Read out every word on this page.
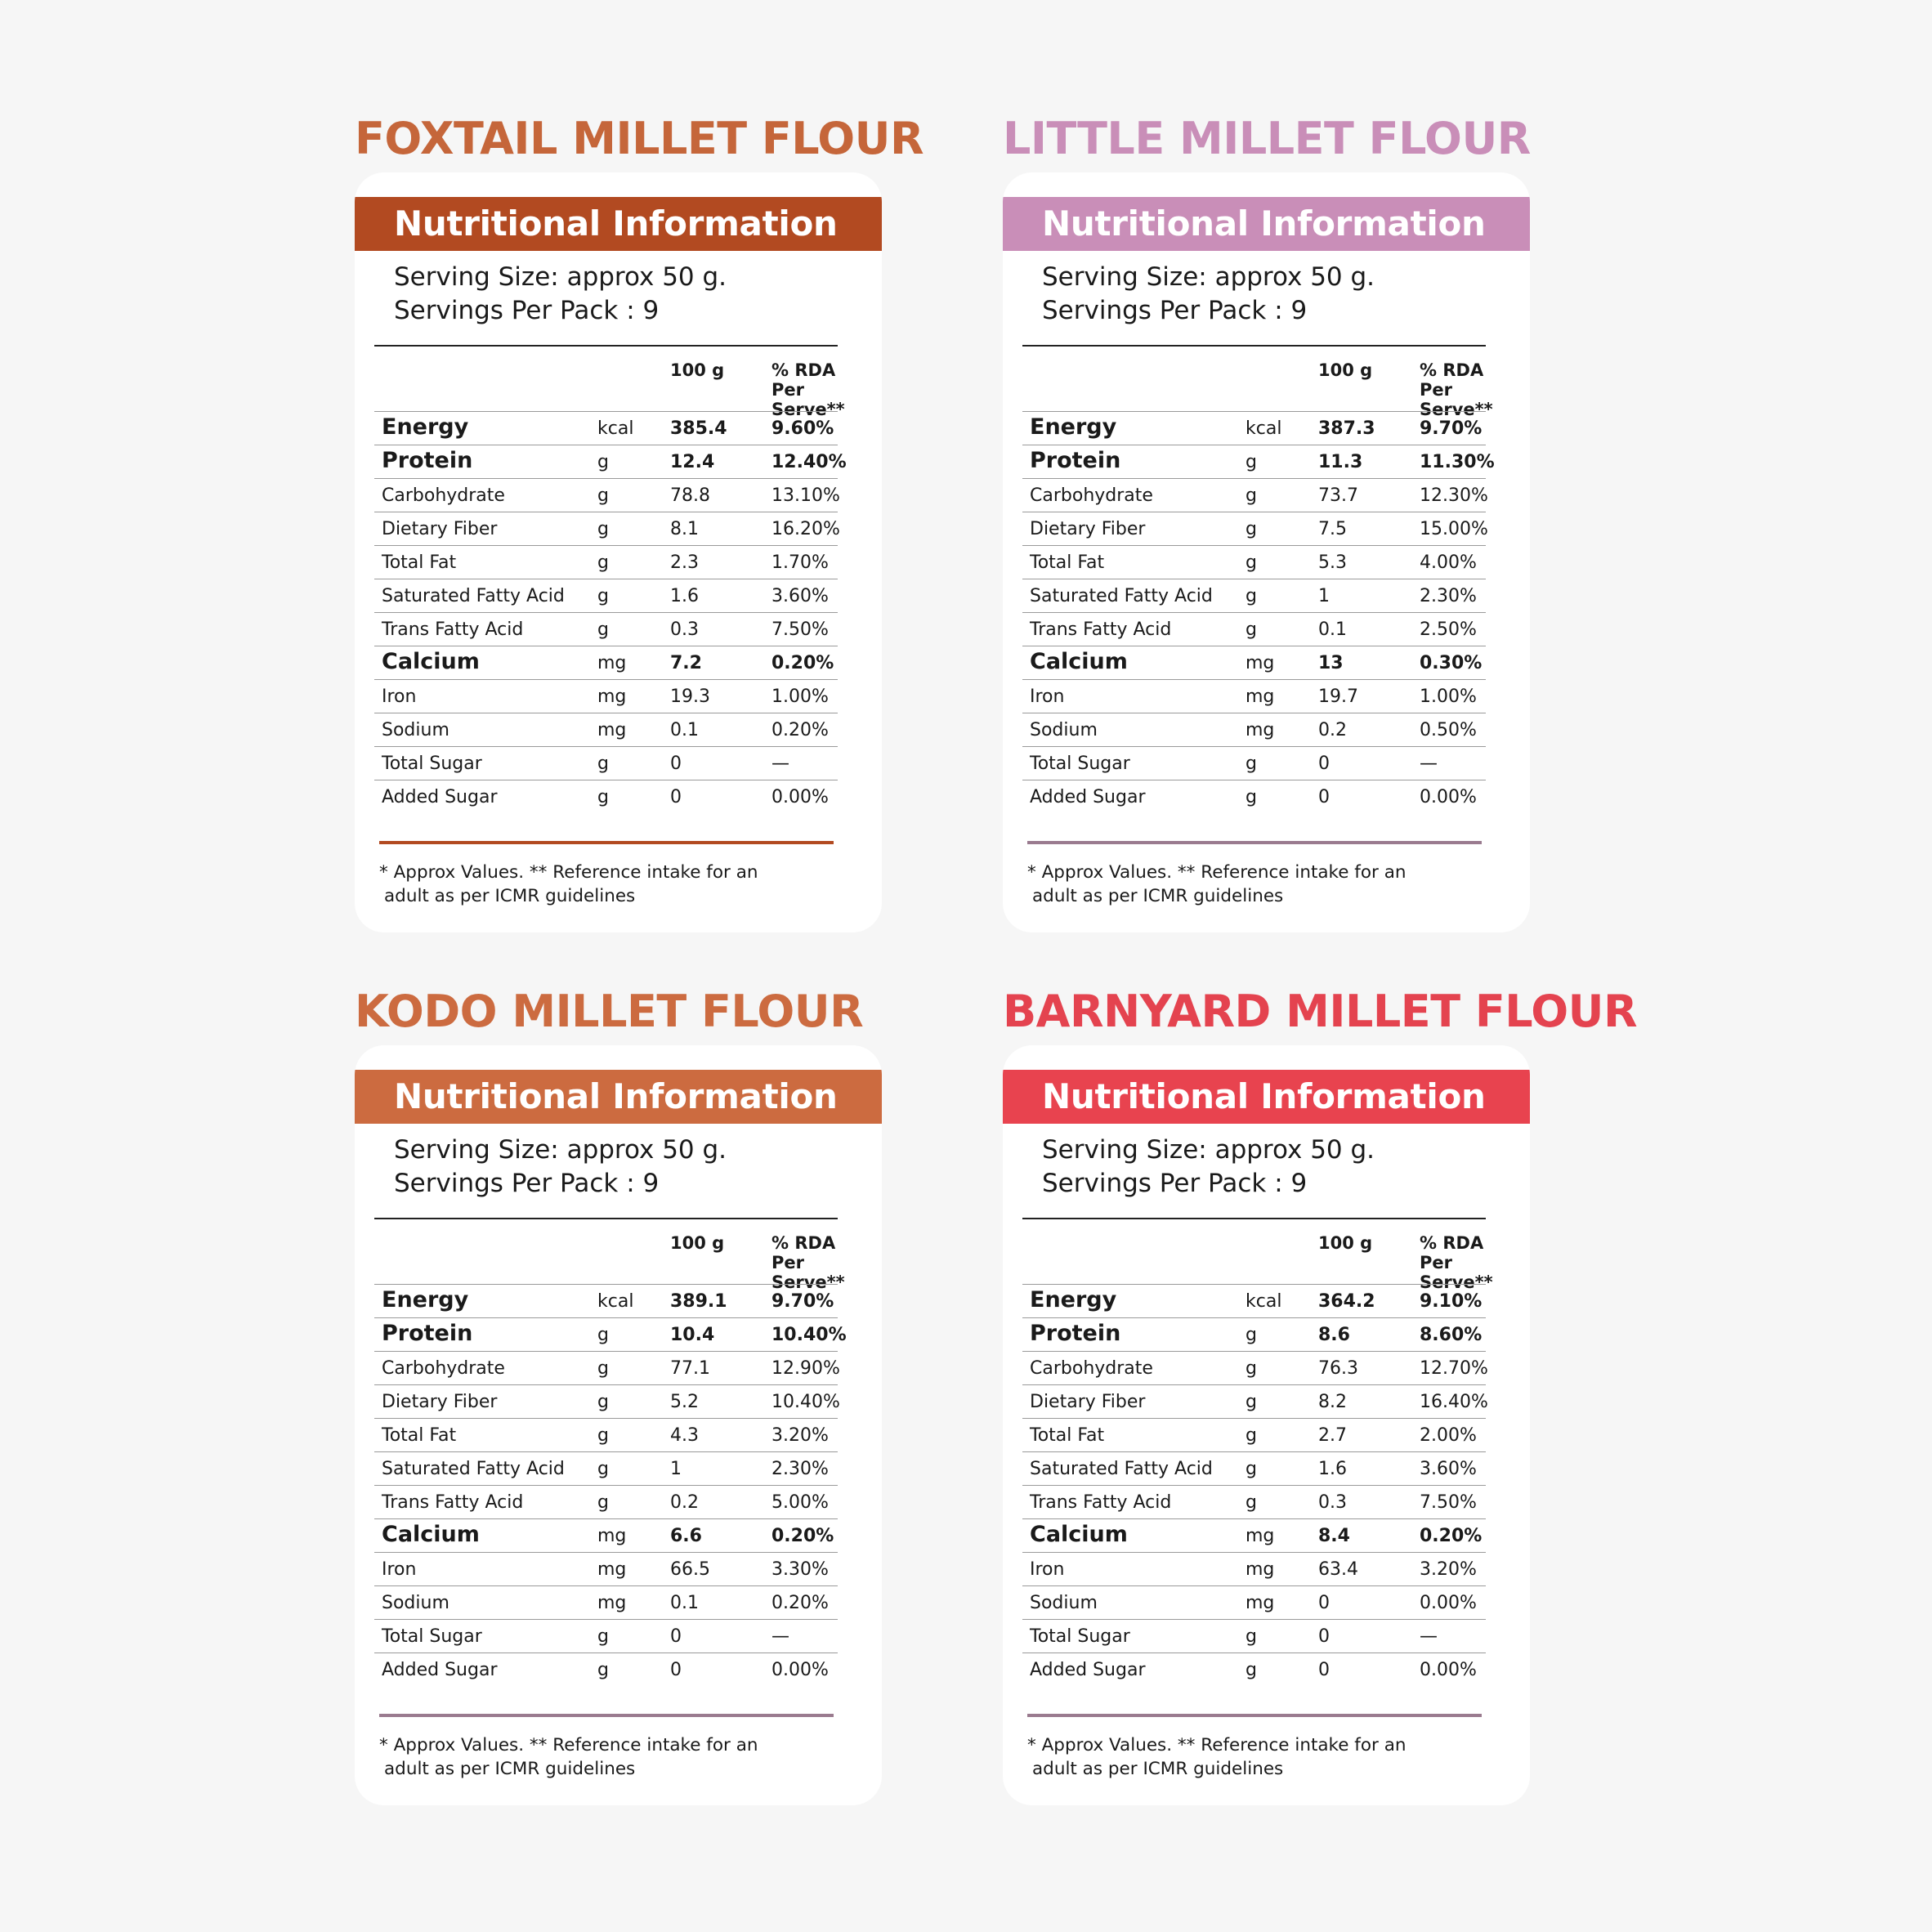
FOXTAIL MILLET FLOUR
Nutritional Information
Serving Size: approx 50 g.
Servings Per Pack : 9
100 g	% RDA Per Serve**
Energy	kcal 385.4 9.60%
Protein	g	12.4	12.40%
Carbohydrate	g	78.8	13.10%
Dietary Fiber	g	8.1	16.20%
Total Fat	g	2.3	1.70%
Saturated Fatty Acid g	1.6	3.60%
Trans Fatty Acid	g	0.3	7.50%
Calcium	mg 7.2	0.20%
Iron	mg 19.3	1.00%
Sodium	mg 0.1	0.20%
Total Sugar	g	0	—
Added Sugar	g	0	0.00%
* Approx Values. ** Reference intake for an
adult as per ICMR guidelines
LITTLE MILLET FLOUR
Nutritional Information
Serving Size: approx 50 g.
Servings Per Pack : 9
100 g	% RDA Per Serve**
Energy	kcal 387.3 9.70%
Protein	g	11.3	11.30%
Carbohydrate	g	73.7	12.30%
Dietary Fiber	g	7.5	15.00%
Total Fat	g	5.3	4.00%
Saturated Fatty Acid g	1	2.30%
Trans Fatty Acid	g	0.1	2.50%
Calcium	mg 13	0.30%
Iron	mg 19.7	1.00%
Sodium	mg 0.2	0.50%
Total Sugar	g	0	—
Added Sugar	g	0	0.00%
* Approx Values. ** Reference intake for an
adult as per ICMR guidelines
KODO MILLET FLOUR
Nutritional Information
Serving Size: approx 50 g.
Servings Per Pack : 9
100 g	% RDA Per Serve**
Energy	kcal 389.1 9.70%
Protein	g	10.4	10.40%
Carbohydrate	g	77.1	12.90%
Dietary Fiber	g	5.2	10.40%
Total Fat	g	4.3	3.20%
Saturated Fatty Acid g	1	2.30%
Trans Fatty Acid	g	0.2	5.00%
Calcium	mg 6.6	0.20%
Iron	mg 66.5	3.30%
Sodium	mg 0.1	0.20%
Total Sugar	g	0	—
Added Sugar	g	0	0.00%
* Approx Values. ** Reference intake for an
adult as per ICMR guidelines
BARNYARD MILLET FLOUR
Nutritional Information
Serving Size: approx 50 g.
Servings Per Pack : 9
100 g	% RDA Per Serve**
Energy	kcal 364.2 9.10%
Protein	g	8.6	8.60%
Carbohydrate	g	76.3	12.70%
Dietary Fiber	g	8.2	16.40%
Total Fat	g	2.7	2.00%
Saturated Fatty Acid g	1.6	3.60%
Trans Fatty Acid	g	0.3	7.50%
Calcium	mg 8.4	0.20%
Iron	mg 63.4	3.20%
Sodium	mg 0	0.00%
Total Sugar	g	0	—
Added Sugar	g	0	0.00%
* Approx Values. ** Reference intake for an
adult as per ICMR guidelines
